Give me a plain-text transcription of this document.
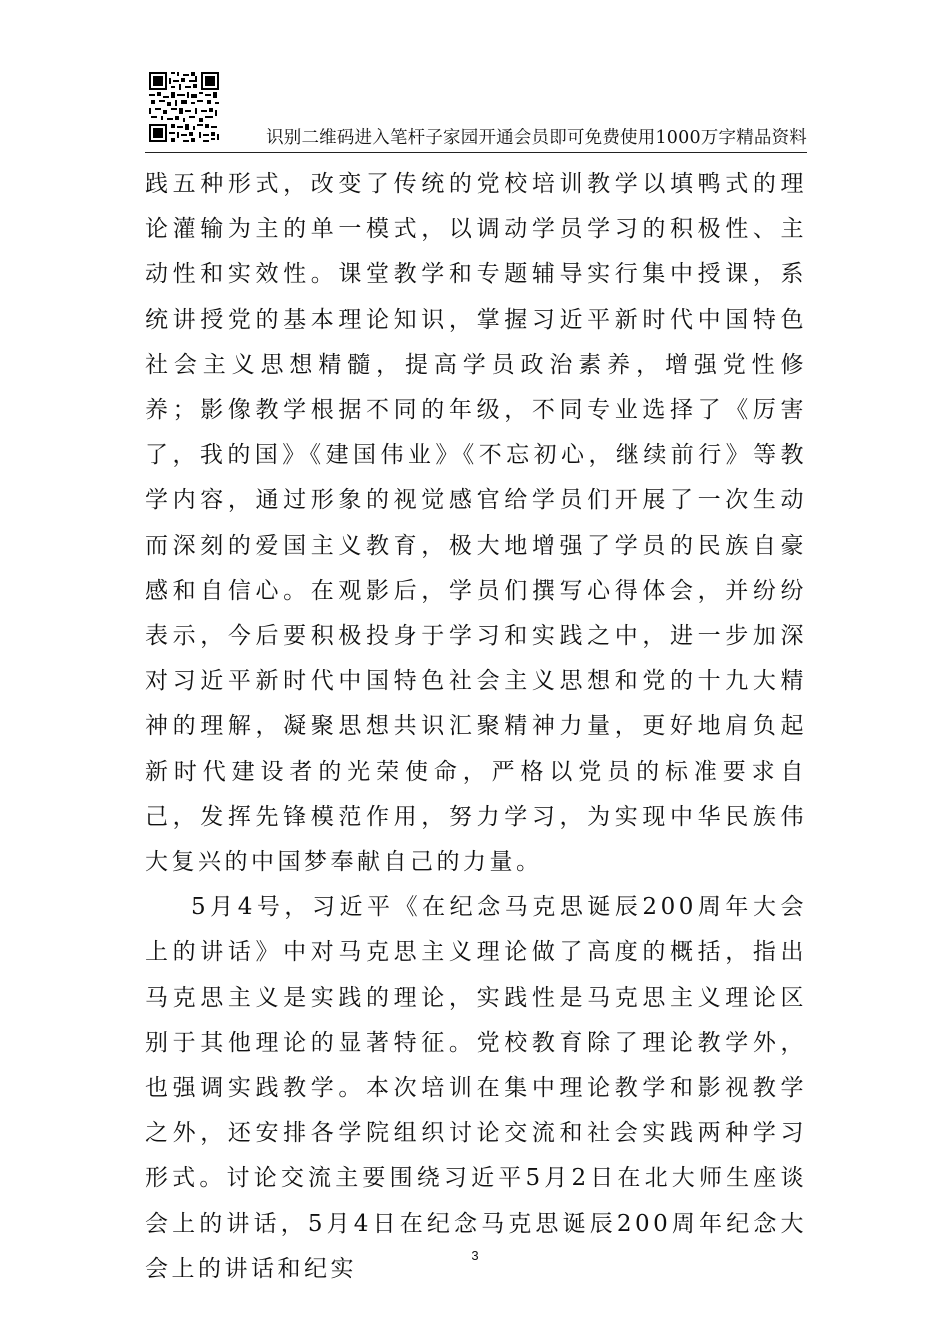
识别二维码进入笔杆子家园开通会员即可免费使用1000万字精品资料

践五种形式，改变了传统的党校培训教学以填鸭式的理论灌输为主的单一模式，以调动学员学习的积极性、主动性和实效性。课堂教学和专题辅导实行集中授课，系统讲授党的基本理论知识，掌握习近平新时代中国特色社会主义思想精髓，提高学员政治素养，增强党性修养；影像教学根据不同的年级，不同专业选择了《厉害了，我的国》《建国伟业》《不忘初心，继续前行》等教学内容，通过形象的视觉感官给学员们开展了一次生动而深刻的爱国主义教育，极大地增强了学员的民族自豪感和自信心。在观影后，学员们撰写心得体会，并纷纷表示，今后要积极投身于学习和实践之中，进一步加深对习近平新时代中国特色社会主义思想和党的十九大精神的理解，凝聚思想共识汇聚精神力量，更好地肩负起新时代建设者的光荣使命，严格以党员的标准要求自己，发挥先锋模范作用，努力学习，为实现中华民族伟大复兴的中国梦奉献自己的力量。

5月4号，习近平《在纪念马克思诞辰200周年大会上的讲话》中对马克思主义理论做了高度的概括，指出马克思主义是实践的理论，实践性是马克思主义理论区别于其他理论的显著特征。党校教育除了理论教学外，也强调实践教学。本次培训在集中理论教学和影视教学之外，还安排各学院组织讨论交流和社会实践两种学习形式。讨论交流主要围绕习近平5月2日在北大师生座谈会上的讲话，5月4日在纪念马克思诞辰200周年纪念大会上的讲话和纪实

3
